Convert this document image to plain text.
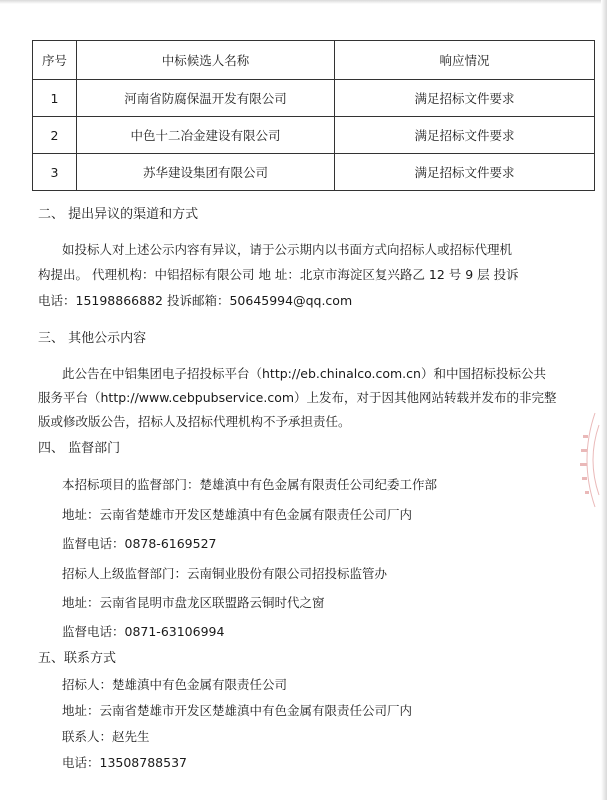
序号	中标候选人名称	响应情况
1	河南省防腐保温开发有限公司	满足招标文件要求
2	中色十二冶金建设有限公司	满足招标文件要求
3	苏华建设集团有限公司	满足招标文件要求
二、 提出异议的渠道和方式
如投标人对上述公示内容有异议，请于公示期内以书面方式向招标人或招标代理机
构提出。 代理机构：中铝招标有限公司 地 址：北京市海淀区复兴路乙 12 号 9 层 投诉
电话：15198866882 投诉邮箱：50645994@qq.com
三、 其他公示内容
此公告在中铝集团电子招投标平台（http://eb.chinalco.com.cn）和中国招标投标公共
服务平台（http://www.cebpubservice.com）上发布，对于因其他网站转载并发布的非完整
版或修改版公告，招标人及招标代理机构不予承担责任。
四、 监督部门
本招标项目的监督部门：楚雄滇中有色金属有限责任公司纪委工作部
地址：云南省楚雄市开发区楚雄滇中有色金属有限责任公司厂内
监督电话：0878-6169527
招标人上级监督部门：云南铜业股份有限公司招投标监管办
地址：云南省昆明市盘龙区联盟路云铜时代之窗
监督电话：0871-63106994
五、联系方式
招标人：楚雄滇中有色金属有限责任公司
地址：云南省楚雄市开发区楚雄滇中有色金属有限责任公司厂内
联系人：赵先生
电话：13508788537
